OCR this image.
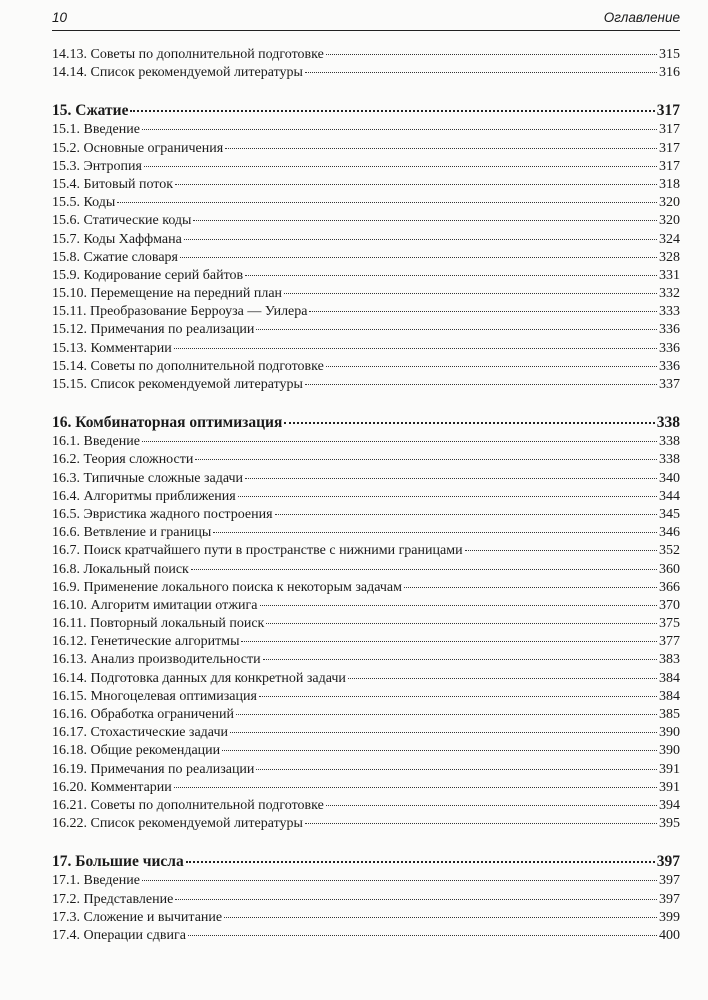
10	Оглавление
14.13. Советы по дополнительной подготовке	315
14.14. Список рекомендуемой литературы	316
15. Сжатие	317
15.1. Введение	317
15.2. Основные ограничения	317
15.3. Энтропия	317
15.4. Битовый поток	318
15.5. Коды	320
15.6. Статические коды	320
15.7. Коды Хаффмана	324
15.8. Сжатие словаря	328
15.9. Кодирование серий байтов	331
15.10. Перемещение на передний план	332
15.11. Преобразование Берроуза — Уилера	333
15.12. Примечания по реализации	336
15.13. Комментарии	336
15.14. Советы по дополнительной подготовке	336
15.15. Список рекомендуемой литературы	337
16. Комбинаторная оптимизация	338
16.1. Введение	338
16.2. Теория сложности	338
16.3. Типичные сложные задачи	340
16.4. Алгоритмы приближения	344
16.5. Эвристика жадного построения	345
16.6. Ветвление и границы	346
16.7. Поиск кратчайшего пути в пространстве с нижними границами	352
16.8. Локальный поиск	360
16.9. Применение локального поиска к некоторым задачам	366
16.10. Алгоритм имитации отжига	370
16.11. Повторный локальный поиск	375
16.12. Генетические алгоритмы	377
16.13. Анализ производительности	383
16.14. Подготовка данных для конкретной задачи	384
16.15. Многоцелевая оптимизация	384
16.16. Обработка ограничений	385
16.17. Стохастические задачи	390
16.18. Общие рекомендации	390
16.19. Примечания по реализации	391
16.20. Комментарии	391
16.21. Советы по дополнительной подготовке	394
16.22. Список рекомендуемой литературы	395
17. Большие числа	397
17.1. Введение	397
17.2. Представление	397
17.3. Сложение и вычитание	399
17.4. Операции сдвига	400
